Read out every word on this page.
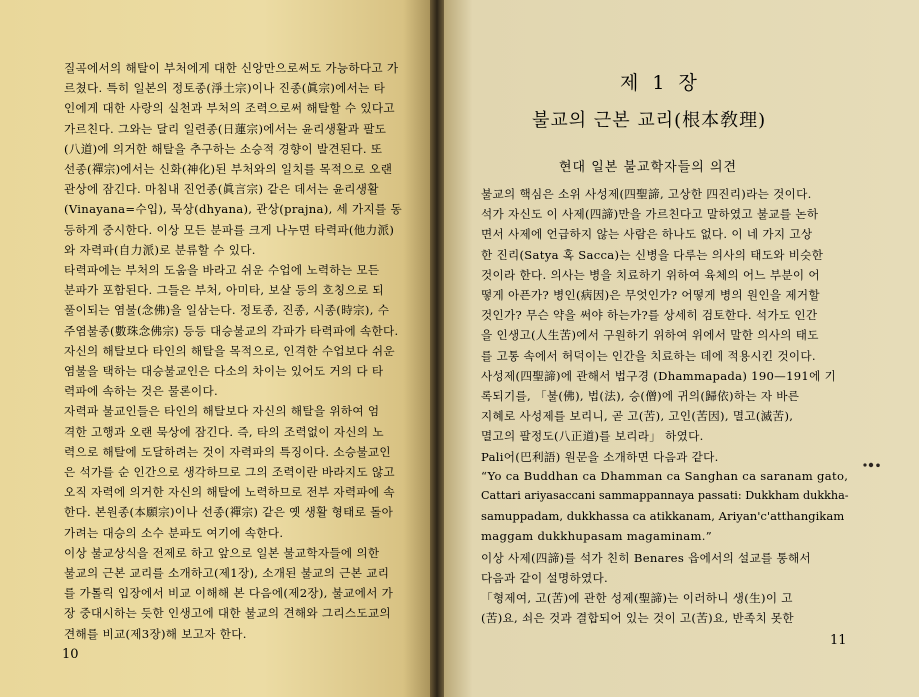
질곡에서의 해탈이 부처에게 대한 신앙만으로써도 가능하다고 가

르쳤다. 특히 일본의 정토종(淨土宗)이나 진종(眞宗)에서는 타

인에게 대한 사랑의 실천과 부처의 조력으로써 해탈할 수 있다고

가르친다. 그와는 달리 일련종(日蓮宗)에서는 윤리생활과 팔도

(八道)에 의거한 해탈을 추구하는 소승적 경향이 발견된다. 또

선종(禪宗)에서는 신화(神化)된 부처와의 일치를 목적으로 오랜

관상에 잠긴다. 마침내 진언종(眞言宗) 같은 데서는 윤리생활

(Vinayana=수입), 묵상(dhyana), 관상(prajna), 세 가지를 동

등하게 중시한다. 이상 모든 분파를 크게 나누면 타력파(他力派)

와 자력파(自力派)로 분류할 수 있다.

타력파에는 부처의 도움을 바라고 쉬운 수업에 노력하는 모든

분파가 포함된다. 그들은 부처, 아미타, 보살 등의 호칭으로 되

풀이되는 염불(念佛)을 일삼는다. 정토종, 진종, 시종(時宗), 수

주염불종(數珠念佛宗) 등등 대승불교의 각파가 타력파에 속한다.

자신의 해탈보다 타인의 해탈을 목적으로, 인격한 수업보다 쉬운

염불을 택하는 대승불교인은 다소의 차이는 있어도 거의 다 타

력파에 속하는 것은 물론이다.

자력파 불교인들은 타인의 해탈보다 자신의 해탈을 위하여 엄

격한 고행과 오랜 묵상에 잠긴다. 즉, 타의 조력없이 자신의 노

력으로 해탈에 도달하려는 것이 자력파의 특징이다. 소승불교인

은 석가를 순 인간으로 생각하므로 그의 조력이란 바라지도 않고

오직 자력에 의거한 자신의 해탈에 노력하므로 전부 자력파에 속

한다. 본원종(本願宗)이나 선종(禪宗) 같은 옛 생활 형태로 돌아

가려는 대승의 소수 분파도 여기에 속한다.

이상 불교상식을 전제로 하고 앞으로 일본 불교학자들에 의한

불교의 근본 교리를 소개하고(제1장), 소개된 불교의 근본 교리

를 가톨릭 입장에서 비교 이해해 본 다음에(제2장), 불교에서 가

장 중대시하는 듯한 인생고에 대한 불교의 견해와 그리스도교의

견해를 비교(제3장)해 보고자 한다.

10
제 1 장
불교의 근본 교리(根本敎理)
현대 일본 불교학자들의 의견

불교의 핵심은 소위 사성제(四聖諦, 고상한 四진리)라는 것이다.

석가 자신도 이 사제(四諦)만을 가르친다고 말하였고 불교를 논하

면서 사제에 언급하지 않는 사람은 하나도 없다. 이 네 가지 고상

한 진리(Satya 혹 Sacca)는 신병을 다루는 의사의 태도와 비슷한

것이라 한다. 의사는 병을 치료하기 위하여 육체의 어느 부분이 어

떻게 아픈가? 병인(病因)은 무엇인가? 어떻게 병의 원인을 제거할

것인가? 무슨 약을 써야 하는가?를 상세히 검토한다. 석가도 인간

을 인생고(人生苦)에서 구원하기 위하여 위에서 말한 의사의 태도

를 고통 속에서 허덕이는 인간을 치료하는 데에 적용시킨 것이다.

사성제(四聖諦)에 관해서 법구경 (Dhammapada) 190—191에 기

록되기를, 「불(佛), 법(法), 승(僧)에 귀의(歸依)하는 자 바른

지혜로 사성제를 보리니, 곧 고(苦), 고인(苦因), 멸고(滅苦),

멸고의 팔정도(八正道)를 보리라」 하였다.

Pali어(巴利語) 원문을 소개하면 다음과 같다.

“Yo ca Buddhan ca Dhamman ca Sanghan ca saranam gato,

Cattari ariyasaccani sammappannaya passati: Dukkham dukkha-

samuppadam, dukkhassa ca atikkanam, Ariyan'c'atthangikam

maggam dukkhupasam magaminam.”

이상 사제(四諦)를 석가 친히 Benares 읍에서의 설교를 통해서

다음과 같이 설명하였다.

「형제여, 고(苦)에 관한 성제(聖諦)는 이러하니 생(生)이 고

(苦)요, 쇠은 것과 결합되어 있는 것이 고(苦)요, 반족치 못한

11
